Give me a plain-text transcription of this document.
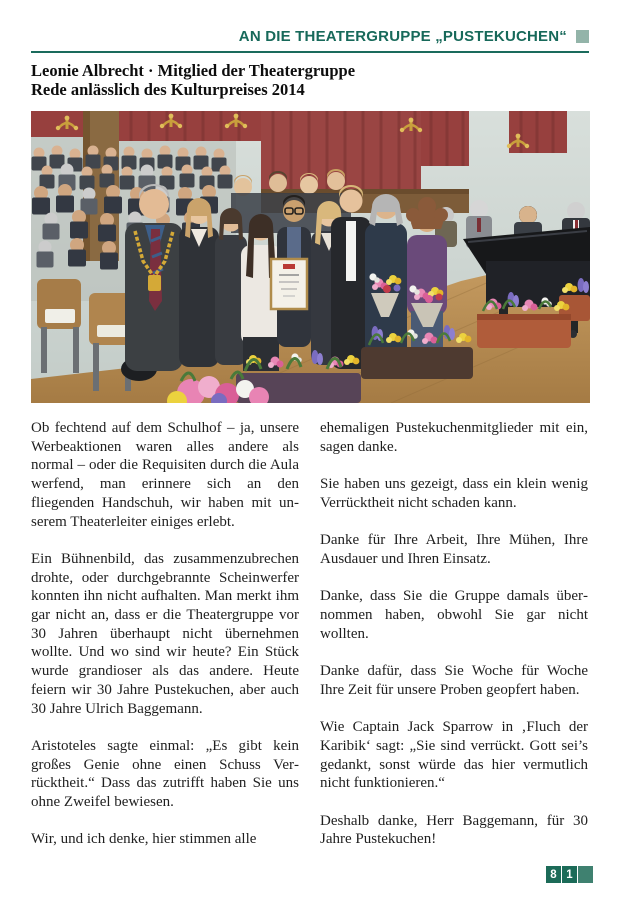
AN DIE THEATERGRUPPE „PUSTEKUCHEN“
Leonie Albrecht · Mitglied der Theatergruppe
Rede anlässlich des Kulturpreises 2014

Ob fechtend auf dem Schulhof – ja, unsere Werbeaktionen waren alles andere als normal – oder die Requisiten durch die Aula werfend, man erinnere sich an den fliegenden Handschuh, wir haben mit unserem Theaterleiter einiges erlebt.

Ein Bühnenbild, das zusammenzubrechen drohte, oder durchgebrannte Scheinwerfer konnten ihn nicht aufhalten. Man merkt ihm gar nicht an, dass er die Theatergruppe vor 30 Jahren überhaupt nicht übernehmen wollte. Und wo sind wir heute? Ein Stück wurde grandioser als das andere. Heute feiern wir 30 Jahre Pustekuchen, aber auch 30 Jahre Ulrich Baggemann.

Aristoteles sagte einmal: „Es gibt kein großes Genie ohne einen Schuss Verrücktheit.“ Dass das zutrifft haben Sie uns ohne Zweifel bewiesen.

Wir, und ich denke, hier stimmen alle

ehemaligen Pustekuchenmitglieder mit ein, sagen danke.

Sie haben uns gezeigt, dass ein klein wenig Verrücktheit nicht schaden kann.

Danke für Ihre Arbeit, Ihre Mühen, Ihre Ausdauer und Ihren Einsatz.

Danke, dass Sie die Gruppe damals übernommen haben, obwohl Sie gar nicht wollten.

Danke dafür, dass Sie Woche für Woche Ihre Zeit für unsere Proben geopfert haben.

Wie Captain Jack Sparrow in ‚Fluch der Karibik‘ sagt: „Sie sind verrückt. Gott sei’s gedankt, sonst würde das hier vermutlich nicht funktionieren.“

Deshalb danke, Herr Baggemann, für 30 Jahre Pustekuchen!

8 1
